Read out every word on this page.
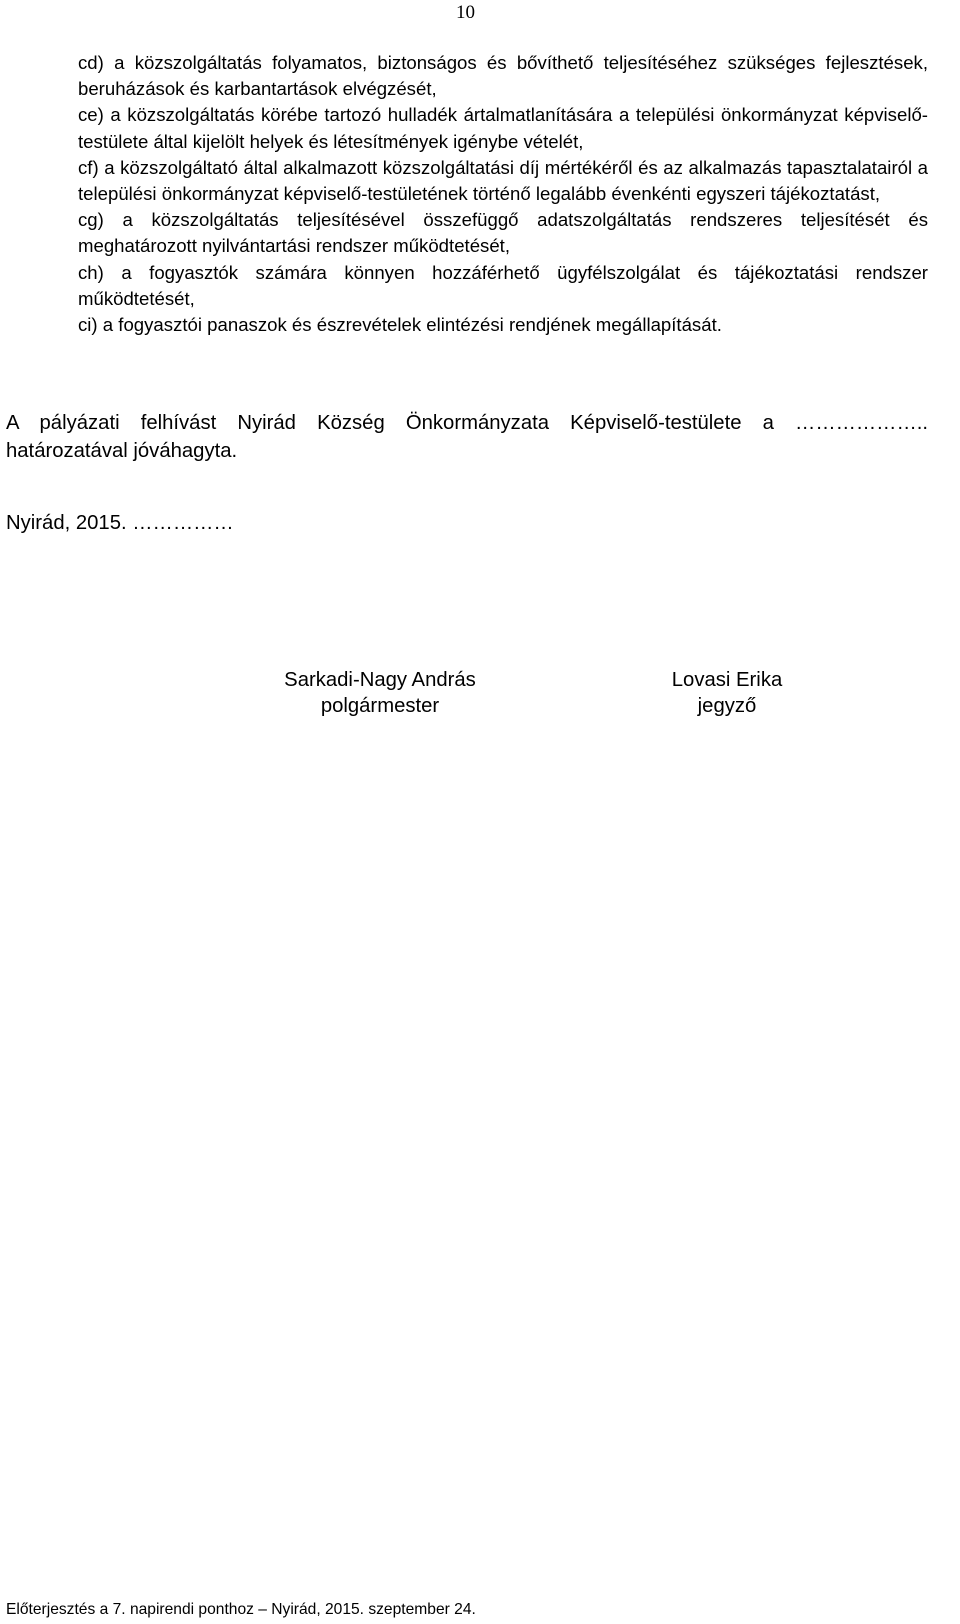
10

cd) a közszolgáltatás folyamatos, biztonságos és bővíthető teljesítéséhez szükséges fejlesztések, beruházások és karbantartások elvégzését,

ce) a közszolgáltatás körébe tartozó hulladék ártalmatlanítására a települési önkormányzat képviselő-testülete által kijelölt helyek és létesítmények igénybe vételét,

cf) a közszolgáltató által alkalmazott közszolgáltatási díj mértékéről és az alkalmazás tapasztalatairól a települési önkormányzat képviselő-testületének történő legalább évenkénti egyszeri tájékoztatást,

cg) a közszolgáltatás teljesítésével összefüggő adatszolgáltatás rendszeres teljesítését és meghatározott nyilvántartási rendszer működtetését,

ch) a fogyasztók számára könnyen hozzáférhető ügyfélszolgálat és tájékoztatási rendszer működtetését,

ci) a fogyasztói panaszok és észrevételek elintézési rendjének megállapítását.

A pályázati felhívást Nyirád Község Önkormányzata Képviselő-testülete a ……………….. határozatával jóváhagyta.

Nyirád, 2015. ……………

Sarkadi-Nagy András
polgármester
Lovasi Erika
jegyző

Előterjesztés a 7. napirendi ponthoz – Nyirád, 2015. szeptember 24.
